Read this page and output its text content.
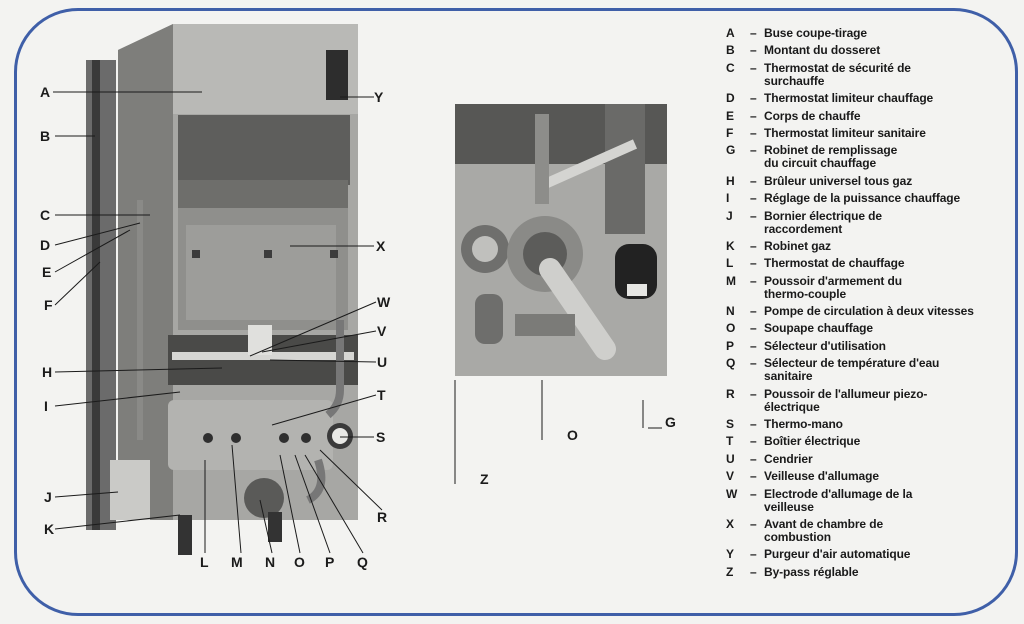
A
B
C
D
E
F
H
I
J
K
L M N O P Q
R
S
T
U
V
W
X
Y
Z
O
G
A	– Buse coupe-tirage
B	– Montant du dosseret
C	– Thermostat de sécurité de
surchauffe
D	– Thermostat limiteur chauffage
E	– Corps de chauffe
F	– Thermostat limiteur sanitaire
G	– Robinet de remplissage
du circuit chauffage
H	– Brûleur universel tous gaz
I	– Réglage de la puissance chauffage
J	– Bornier électrique de
raccordement
K	– Robinet gaz
L	– Thermostat de chauffage
M	– Poussoir d'armement du
thermo-couple
N	– Pompe de circulation à deux vitesses
O	– Soupape chauffage
P	– Sélecteur d'utilisation
Q	– Sélecteur de température d'eau
sanitaire
R	– Poussoir de l'allumeur piezo-
électrique
S	– Thermo-mano
T	– Boîtier électrique
U	– Cendrier
V	– Veilleuse d'allumage
W	– Electrode d'allumage de la
veilleuse
X	– Avant de chambre de
combustion
Y	– Purgeur d'air automatique
Z	– By-pass réglable
